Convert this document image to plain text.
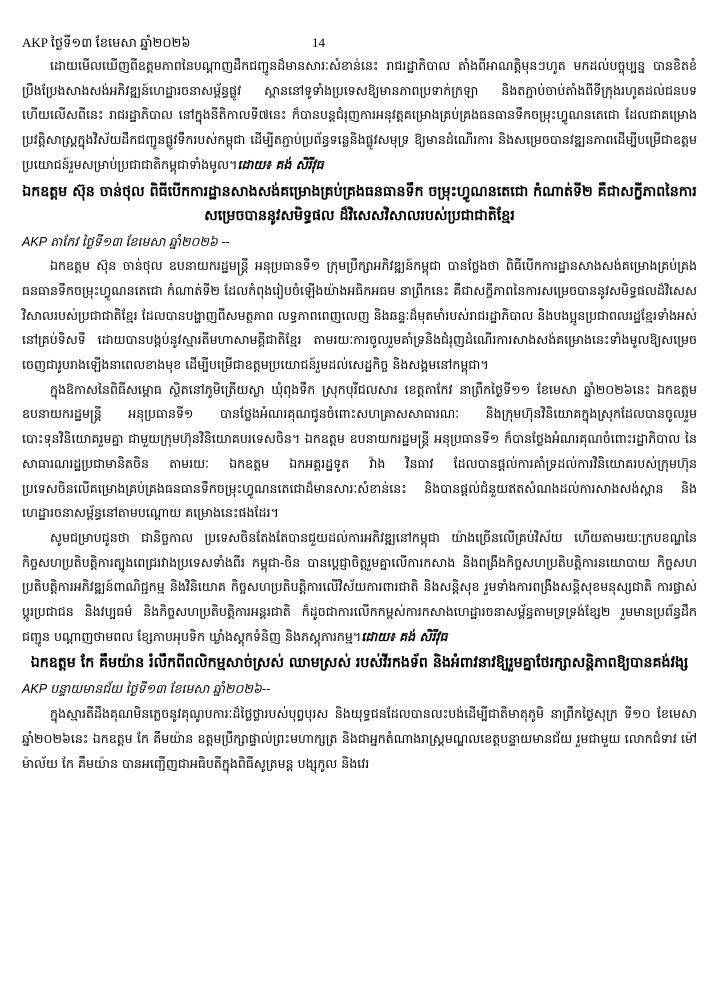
AKP ថ្ងៃទី១៣ ខែមេសា ឆ្នាំ២០២៦	14

ដោយមើលឃើញពីឧត្តមភាពនៃបណ្តាញដឹកជញ្ជូនដ៏មានសារៈសំខាន់នេះ រាជរដ្ឋាភិបាល តាំងពីអាណត្តិមុនៗហូត មកដល់បច្ចុប្បន្ន បានខិតខំប្រឹងប្រែងសាងសង់អភិវឌ្ឍន៍ហេដ្ឋារចនាសម្ព័ន្ធផ្លូវ ស្ពាននៅទូទាំងប្រទេសឱ្យមានភាពប្រទាក់ក្រឡា និងតភ្ជាប់ចាប់តាំងពីទីក្រុងរហូតដល់ជនបទ ហើយលើសពីនេះ រាជរដ្ឋាភិបាល នៅក្នុងនីតិកាលទី៧នេះ ក៏បានបន្តជំរុញការអនុវត្តគម្រោងគ្រប់គ្រងធនធានទឹកចម្រុះហ្វូណនតេជោ ដែលជាគម្រោងប្រវត្តិសាស្ត្រក្នុងវិស័យដឹកជញ្ជូនផ្លូវទឹករបស់កម្ពុជា ដើម្បីតភ្ជាប់ប្រព័ន្ធទន្លេនិងផ្លូវសមុទ្រ ឱ្យមានដំណើរការ និងសម្រេចបានវឌ្ឍនភាពដើម្បីបម្រើជាឧត្តមប្រយោជន៍រួមសម្រាប់ប្រជាជាតិកម្ពុជាទាំងមូល។ដោយ៖ គង់ សិរីវុធ

ឯកឧត្តម ស៊ុន ចាន់ថុល ពិធីបើកការដ្ឋានសាងសង់គម្រោងគ្រប់គ្រងធនធានទឹក ចម្រុះហ្វូណនតេជោ កំណាត់ទី២ គឺជាសក្ខីភាពនៃការសម្រេចបាននូវសមិទ្ធផល ដ៏វិសេសវិសាលរបស់ប្រជាជាតិខ្មែរ
AKP តាកែវ ថ្ងៃទី១៣ ខែមេសា ឆ្នាំ២០២៦ --

ឯកឧត្តម ស៊ុន ចាន់ថុល ឧបនាយករដ្ឋមន្ត្រី អនុប្រធានទី១ ក្រុមប្រឹក្សាអភិវឌ្ឍន៍កម្ពុជា បានថ្លែងថា ពិធីបើកការដ្ឋានសាងសង់គម្រោងគ្រប់គ្រងធនធានទឹកចម្រុះហ្វូណនតេជោ កំណាត់ទី២ ដែលកំពុងរៀបចំឡើងយ៉ាងអធិកអធម នាព្រឹកនេះ គឺជាសក្ខីភាពនៃការសម្រេចបាននូវសមិទ្ធផលដ៏វិសេសវិសាលរបស់ប្រជាជាតិខ្មែរ ដែលបានបង្ហាញពីសមត្ថភាព លទ្ធភាពពេញលេញ និងឆន្ទៈដ៏មុតមាំរបស់រាជរដ្ឋាភិបាល និងបងប្អូនប្រជាពលរដ្ឋខ្មែរទាំងអស់នៅគ្រប់ទិសទី ដោយបានបង្កប់នូវស្មារតីមហាសាមគ្គីជាតិខ្មែរ តាមរយៈការចូលរួមគាំទ្រនិងជំរុញដំណើរការសាងសង់គម្រោងនេះទាំងមូលឱ្យសម្រេចចេញជារូបរាងឡើងនាពេលខាងមុខ ដើម្បីបម្រើជាឧត្តមប្រយោជន៍រួមដល់សេដ្ឋកិច្ច និងសង្គមនៅកម្ពុជា។

ក្នុងឱកាសនៃពិធីសម្ពោធ ស្ថិតនៅភូមិត្រើយស្លា ឃុំពុងទឹក ស្រុកបុរីជលសារ ខេត្តតាកែវ នាព្រឹកថ្ងៃទី១១ ខែមេសា ឆ្នាំ២០២៦នេះ ឯកឧត្តម ឧបនាយករដ្ឋមន្ត្រី អនុប្រធានទី១ បានថ្លែងអំណរគុណជូនចំពោះសហគ្រាសសាធារណៈ និងក្រុមហ៊ុនវិនិយោគក្នុងស្រុកដែលបានចូលរួមបោះទុនវិនិយោគរួមគ្នា ជាមួយក្រុមហ៊ុនវិនិយោគបរទេសចិន។ ឯកឧត្តម ឧបនាយករដ្ឋមន្ត្រី អនុប្រធានទី១ ក៏បានថ្លែងអំណរគុណចំពោះរដ្ឋាភិបាល នៃសាធារណរដ្ឋប្រជាមានិតចិន តាមរយៈ ឯកឧត្តម ឯកអគ្គរដ្ឋទូត វ៉ាង វិនធាវ ដែលបានផ្តល់ការគាំទ្រដល់ការវិនិយោគរបស់ក្រុមហ៊ុនប្រទេសចិនលើគម្រោងគ្រប់គ្រងធនធានទឹកចម្រុះហ្វូណនតេជោដ៏មានសារៈសំខាន់នេះ និងបានផ្តល់ជំនួយឥតសំណងដល់ការសាងសង់ស្ពាន និងហេដ្ឋារចនាសម្ព័ន្ធនៅតាមបណ្តោយ គម្រោងនេះផងដែរ។

សូមជម្រាបជូនថា ជានិច្ចកាល ប្រទេសចិនតែងតែបានជួយដល់ការអភិវឌ្ឍនៅកម្ពុជា យ៉ាងច្រើនលើគ្រប់វិស័យ ហើយតាមរយៈក្របខណ្ឌនៃកិច្ចសហប្រតិបត្តិការត្បូងពេជ្ររវាងប្រទេសទាំងពីរ កម្ពុជា-ចិន បានប្តេជ្ញាចិត្តរួមគ្នាលើការកសាង និងពង្រឹងកិច្ចសហប្រតិបត្តិការនយោបាយ កិច្ចសហប្រតិបត្តិការអភិវឌ្ឍន៍ពាណិជ្ជកម្ម និងវិនិយោគ កិច្ចសហប្រតិបត្តិការលើវិស័យការពារជាតិ និងសន្តិសុខ រួមទាំងការពង្រឹងសន្តិសុខមនុស្សជាតិ ការផ្លាស់ប្តូរប្រជាជន និងវប្បធម៌ និងកិច្ចសហប្រតិបត្តិការអន្តរជាតិ ក៏ដូចជាការលើកកម្ពស់ការកសាងហេដ្ឋារចនាសម្ព័ន្ធតាមទ្រទ្រង់ខ្សែ២ រួមមានប្រព័ន្ធដឹកជញ្ជូន បណ្តាញថាមពល ខ្សែកាបអុបទិក ឃ្លាំងស្តុកទំនិញ និងភស្តុភារកម្ម។ដោយ៖ គង់ សិរីវុធ

ឯកឧត្តម កែ គឹមយ៉ាន រំលឹកពីពលិកម្មសាច់ស្រស់ ឈាមស្រស់ របស់វីរកងទ័ព និងអំពាវនាវឱ្យរួមគ្នាថែរក្សាសន្តិភាពឱ្យបានគង់វង្ស
AKP បន្ទាយមានជ័យ ថ្ងៃទី១៣ ខែមេសា ឆ្នាំ២០២៦--

ក្នុងស្មារតីដឹងគុណមិនភ្លេចនូវគុណូបការៈដ៏ថ្លៃថ្លារបស់បុព្វបុរស និងយុទ្ធជនដែលបានលះបង់ដើម្បីជាតិមាតុភូមិ នាព្រឹកថ្ងៃសុក្រ ទី១០ ខែមេសា ឆ្នាំ២០២៦នេះ ឯកឧត្តម កែ គឹមយ៉ាន ឧត្តមប្រឹក្សាផ្ទាល់ព្រះមហាក្សត្រ និងជាអ្នកតំណាងរាស្ត្រមណ្ឌលខេត្តបន្ទាយមានជ័យ រួមជាមួយ លោកជំទាវ ម៉ៅ ម៉ាល័យ កែ គឹមយ៉ាន បានអញ្ជើញជាអធិបតីក្នុងពិធីសូត្រមន្ត បង្សុកូល និងវេរ
